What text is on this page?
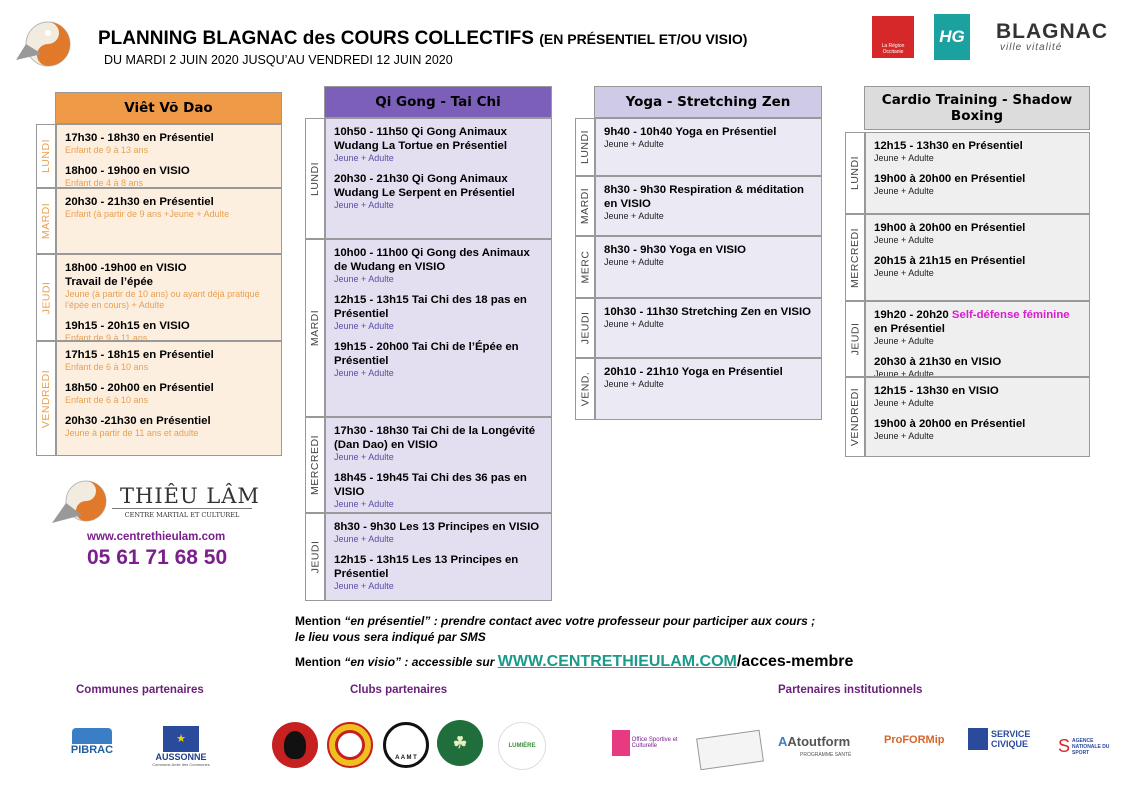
PLANNING BLAGNAC des COURS COLLECTIFS (EN PRÉSENTIEL ET/OU VISIO)
DU MARDI 2 JUIN 2020 JUSQU’AU VENDREDI 12 JUIN 2020
La Région Occitanie
HG BLAGNAC
ville vitalité
Viêt Võ Dao
LUNDI
17h30 - 18h30 en Présentiel
Enfant de 9 à 13 ans
18h00 - 19h00 en VISIO
Enfant de 4 à 8 ans
MARDI
20h30 - 21h30 en Présentiel
Enfant (à partir de 9 ans +Jeune + Adulte
JEUDI
18h00 -19h00 en VISIO
Travail de l’épée
Jeune (à partir de 10 ans) ou ayant déjà pratiqué l’épée en cours) + Adulte
19h15 - 20h15 en VISIO
Enfant de 9 à 11 ans
VENDREDI
17h15 - 18h15 en Présentiel
Enfant de 6 à 10 ans
18h50 - 20h00 en Présentiel
Enfant de 6 à 10 ans
20h30 -21h30 en Présentiel
Jeune à partir de 11 ans et adulte
Qi Gong - Tai Chi
LUNDI
10h50 - 11h50 Qi Gong Animaux Wudang La Tortue en Présentiel
Jeune + Adulte
20h30 - 21h30 Qi Gong Animaux Wudang Le Serpent en Présentiel
Jeune + Adulte
MARDI
10h00 - 11h00 Qi Gong des Animaux de Wudang en VISIO
Jeune + Adulte
12h15 - 13h15 Tai Chi des 18 pas en Présentiel
Jeune + Adulte
19h15 - 20h00 Tai Chi de l’Épée en Présentiel
Jeune + Adulte
MERCREDI
17h30 - 18h30 Tai Chi de la Longévité (Dan Dao) en VISIO
Jeune + Adulte
18h45 - 19h45 Tai Chi des 36 pas en VISIO
Jeune + Adulte
JEUDI
8h30 - 9h30 Les 13 Principes en VISIO
Jeune + Adulte
12h15 - 13h15 Les 13 Principes en Présentiel
Jeune + Adulte
Yoga - Stretching Zen
LUNDI 9h40 - 10h40 Yoga en Présentiel
Jeune + Adulte
MARDI 8h30 - 9h30 Respiration & méditation en VISIO
Jeune + Adulte
MERC
8h30 - 9h30 Yoga en VISIO
Jeune + Adulte
JEUDI 10h30 - 11h30 Stretching Zen en VISIO
Jeune + Adulte
VEND. 20h10 - 21h10 Yoga en Présentiel
Jeune + Adulte
Cardio Training - Shadow Boxing
LUNDI
12h15 - 13h30 en Présentiel
Jeune + Adulte
19h00 à 20h00 en Présentiel
Jeune + Adulte
MERCREDI 19h00 à 20h00 en Présentiel
Jeune + Adulte
20h15 à 21h15 en Présentiel
Jeune + Adulte
JEUDI
19h20 - 20h20 Self-défense féminine
en Présentiel
Jeune + Adulte
20h30 à 21h30 en VISIO
Jeune + Adulte
VENDREDI 12h15 - 13h30 en VISIO
Jeune + Adulte
19h00 à 20h00 en Présentiel
Jeune + Adulte
THIÊU LÂM
CENTRE MARTIAL ET CULTUREL
www.centrethieulam.com
05 61 71 68 50
Mention “en présentiel” : prendre contact avec votre professeur pour participer aux cours ;
le lieu vous sera indiqué par SMS
Mention “en visio” : accessible sur WWW.CENTRETHIEULAM.COM/acces-membre
Communes partenaires	Clubs partenaires	Partenaires institutionnels
PIBRAC
★
AUSSONNE
Commune Amie des Communes
A A M T
☘	LUMIÈRE
Office Sportive et Culturelle	AAtoutform
PROGRAMME SANTÉ
ProFORMip	SERVICE CIVIQUE	S AGENCE NATIONALE DU SPORT
